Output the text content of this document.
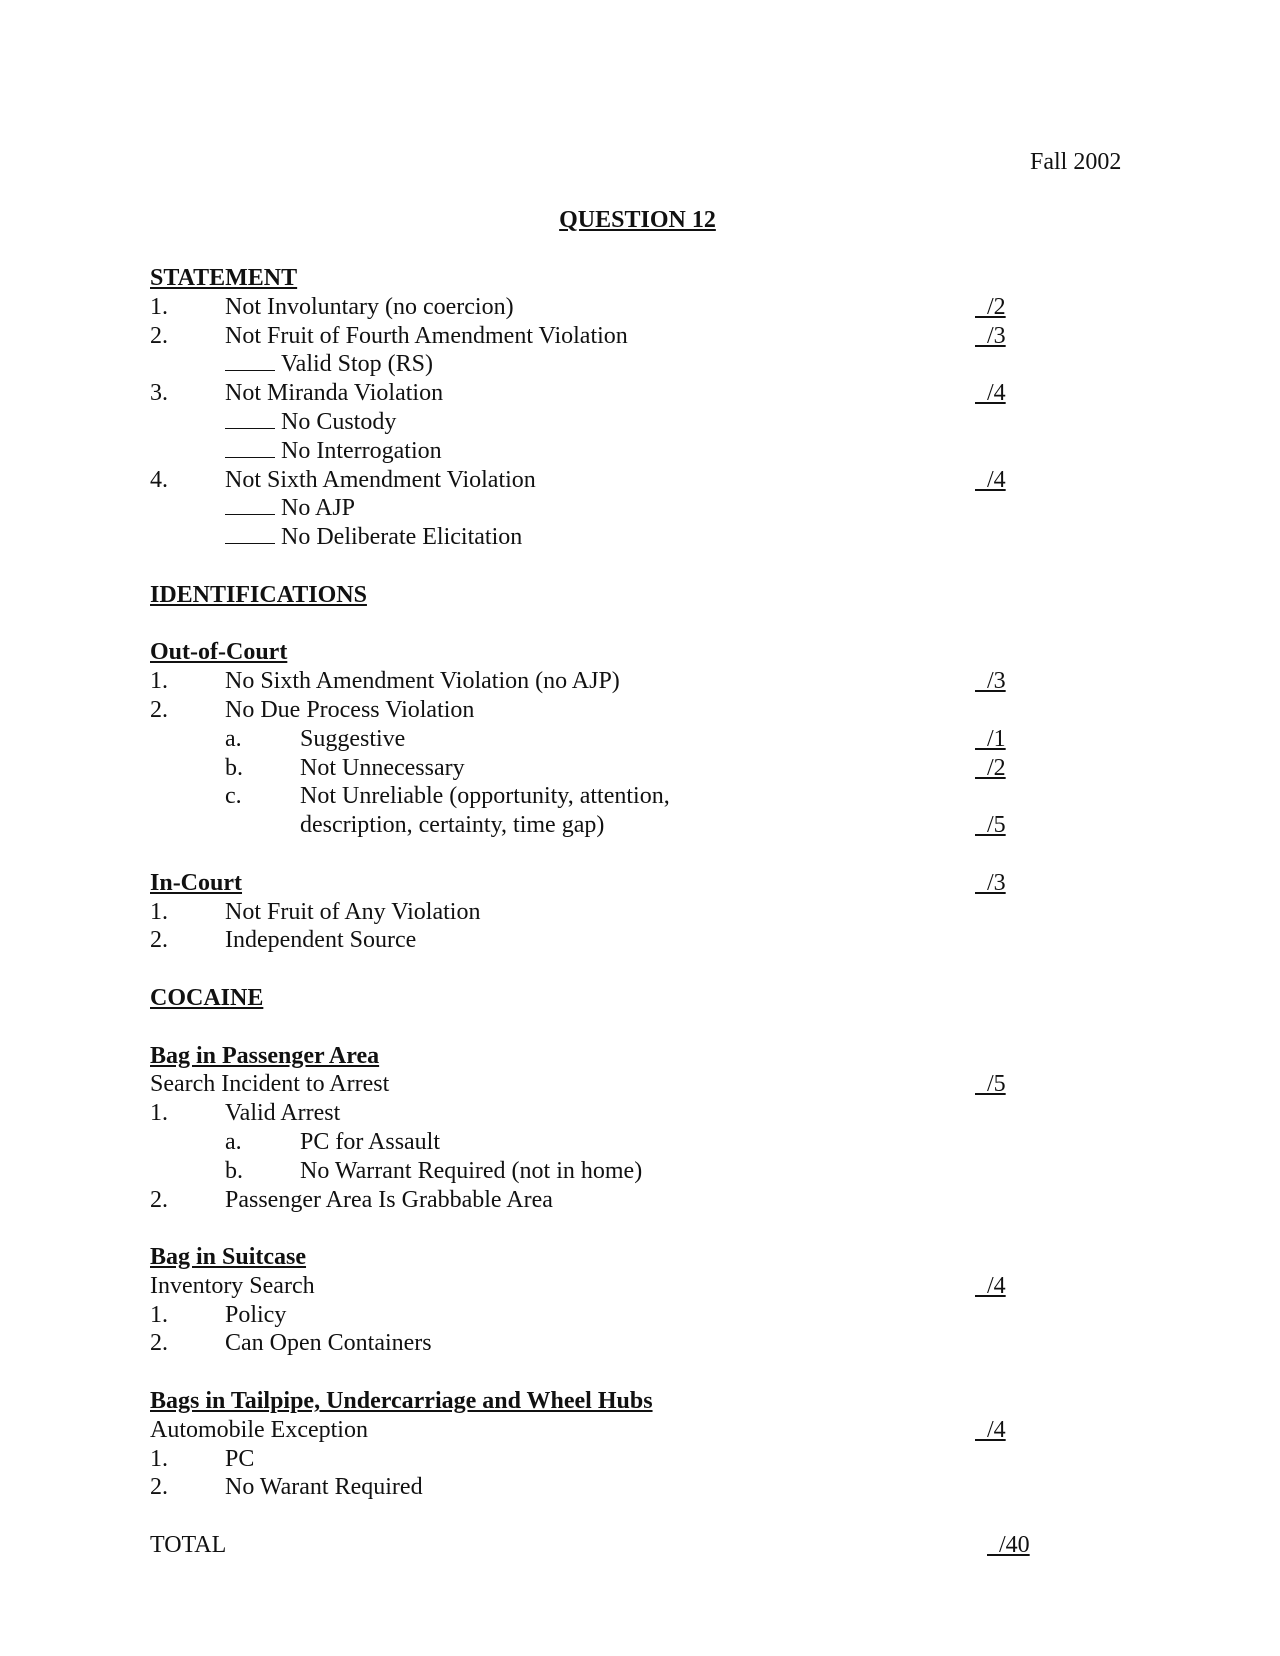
Fall 2002
QUESTION 12
STATEMENT
1. Not Involuntary (no coercion)	/2
2. Not Fruit of Fourth Amendment Violation	/3
Valid Stop (RS)
3. Not Miranda Violation	/4
No Custody
No Interrogation
4. Not Sixth Amendment Violation	/4
No AJP
No Deliberate Elicitation
IDENTIFICATIONS
Out-of-Court
1. No Sixth Amendment Violation (no AJP)	/3
2. No Due Process Violation
a. Suggestive	/1
b. Not Unnecessary	/2
c. Not Unreliable (opportunity, attention,
description, certainty, time gap)	/5
In-Court	/3
1. Not Fruit of Any Violation
2. Independent Source
COCAINE
Bag in Passenger Area
Search Incident to Arrest	/5
1. Valid Arrest
a. PC for Assault
b. No Warrant Required (not in home)
2. Passenger Area Is Grabbable Area
Bag in Suitcase
Inventory Search	/4
1. Policy
2. Can Open Containers
Bags in Tailpipe, Undercarriage and Wheel Hubs
Automobile Exception	/4
1. PC
2. No Warant Required
TOTAL	/40
